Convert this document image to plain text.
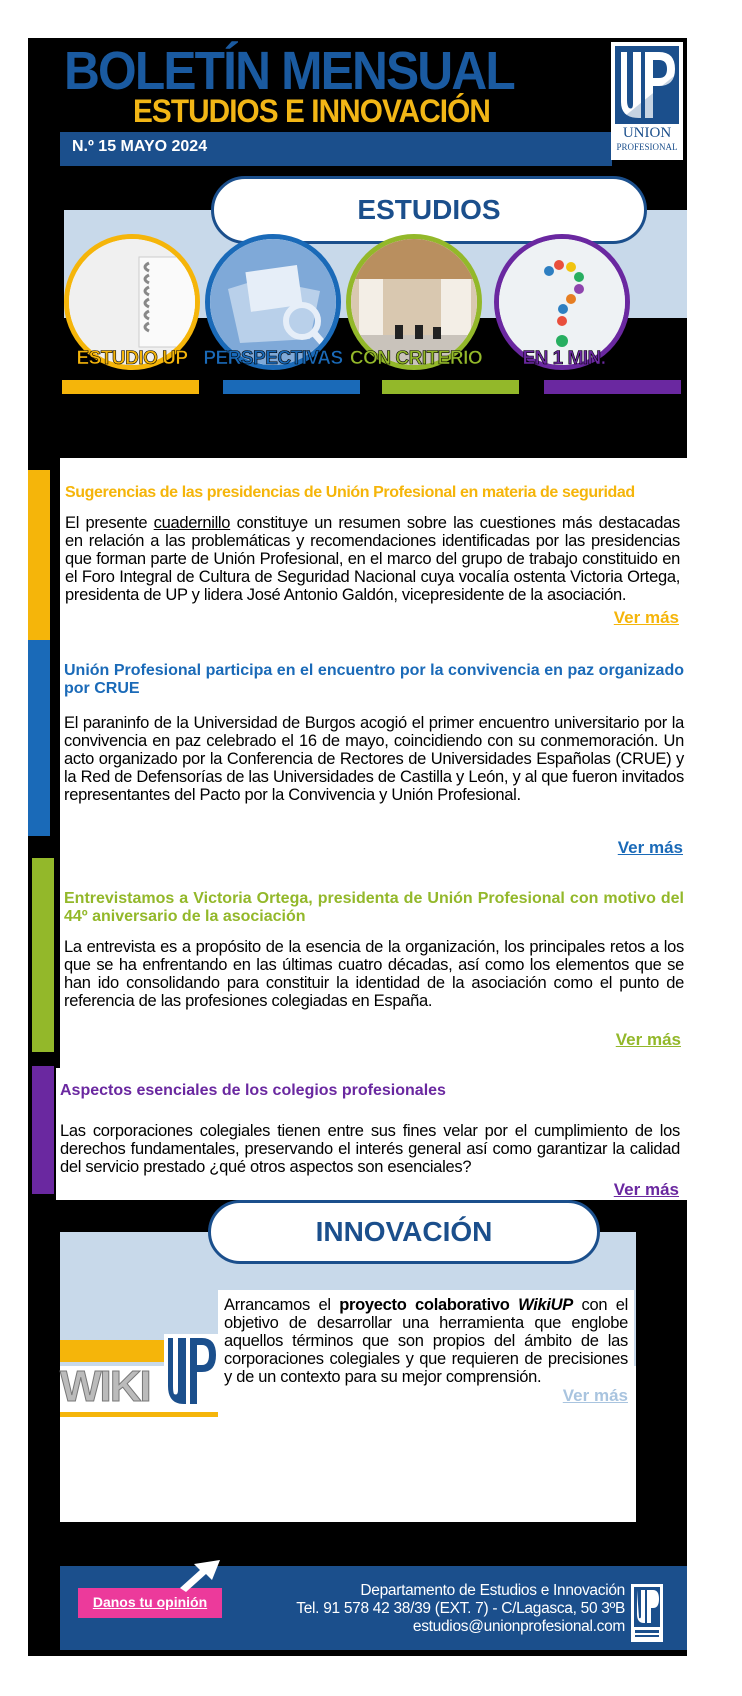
BOLETÍN MENSUAL
ESTUDIOS E INNOVACIÓN
N.º 15 MAYO 2024
UNION
PROFESIONAL
ESTUDIOS
ESTUDIO UP PERSPECTIVAS CON CRITERIO	EN 1 MIN.
Sugerencias de las presidencias de Unión Profesional en materia de seguridad
El presente cuadernillo constituye un resumen sobre las cuestiones más destacadas en relación a las problemáticas y recomendaciones identificadas por las presidencias que forman parte de Unión Profesional, en el marco del grupo de trabajo constituido en el Foro Integral de Cultura de Seguridad Nacional cuya vocalía ostenta Victoria Ortega, presidenta de UP y lidera José Antonio Galdón, vicepresidente de la asociación.
Ver más
Unión Profesional participa en el encuentro por la convivencia en paz organizado por CRUE
El paraninfo de la Universidad de Burgos acogió el primer encuentro universitario por la convivencia en paz celebrado el 16 de mayo, coincidiendo con su conmemoración. Un acto organizado por la Conferencia de Rectores de Universidades Españolas (CRUE) y la Red de Defensorías de las Universidades de Castilla y León, y al que fueron invitados representantes del Pacto por la Convivencia y Unión Profesional.
Ver más
Entrevistamos a Victoria Ortega, presidenta de Unión Profesional con motivo del 44º aniversario de la asociación
La entrevista es a propósito de la esencia de la organización, los principales retos a los que se ha enfrentando en las últimas cuatro décadas, así como los elementos que se han ido consolidando para constituir la identidad de la asociación como el punto de referencia de las profesiones colegiadas en España.
Ver más
Aspectos esenciales de los colegios profesionales
Las corporaciones colegiales tienen entre sus fines velar por el cumplimiento de los derechos fundamentales, preservando el interés general así como garantizar la calidad del servicio prestado ¿qué otros aspectos son esenciales?
Ver más
INNOVACIÓN
Arrancamos el proyecto colaborativo WikiUP con el objetivo de desarrollar una herramienta que englobe aquellos términos que son propios del ámbito de las corporaciones colegiales y que requieren de precisiones y de un contexto para su mejor comprensión.
Ver más
WIKI
Departamento de Estudios e Innovación
Tel. 91 578 42 38/39 (EXT. 7) - C/Lagasca, 50 3ºB
estudios@unionprofesional.com
Danos tu opinión
